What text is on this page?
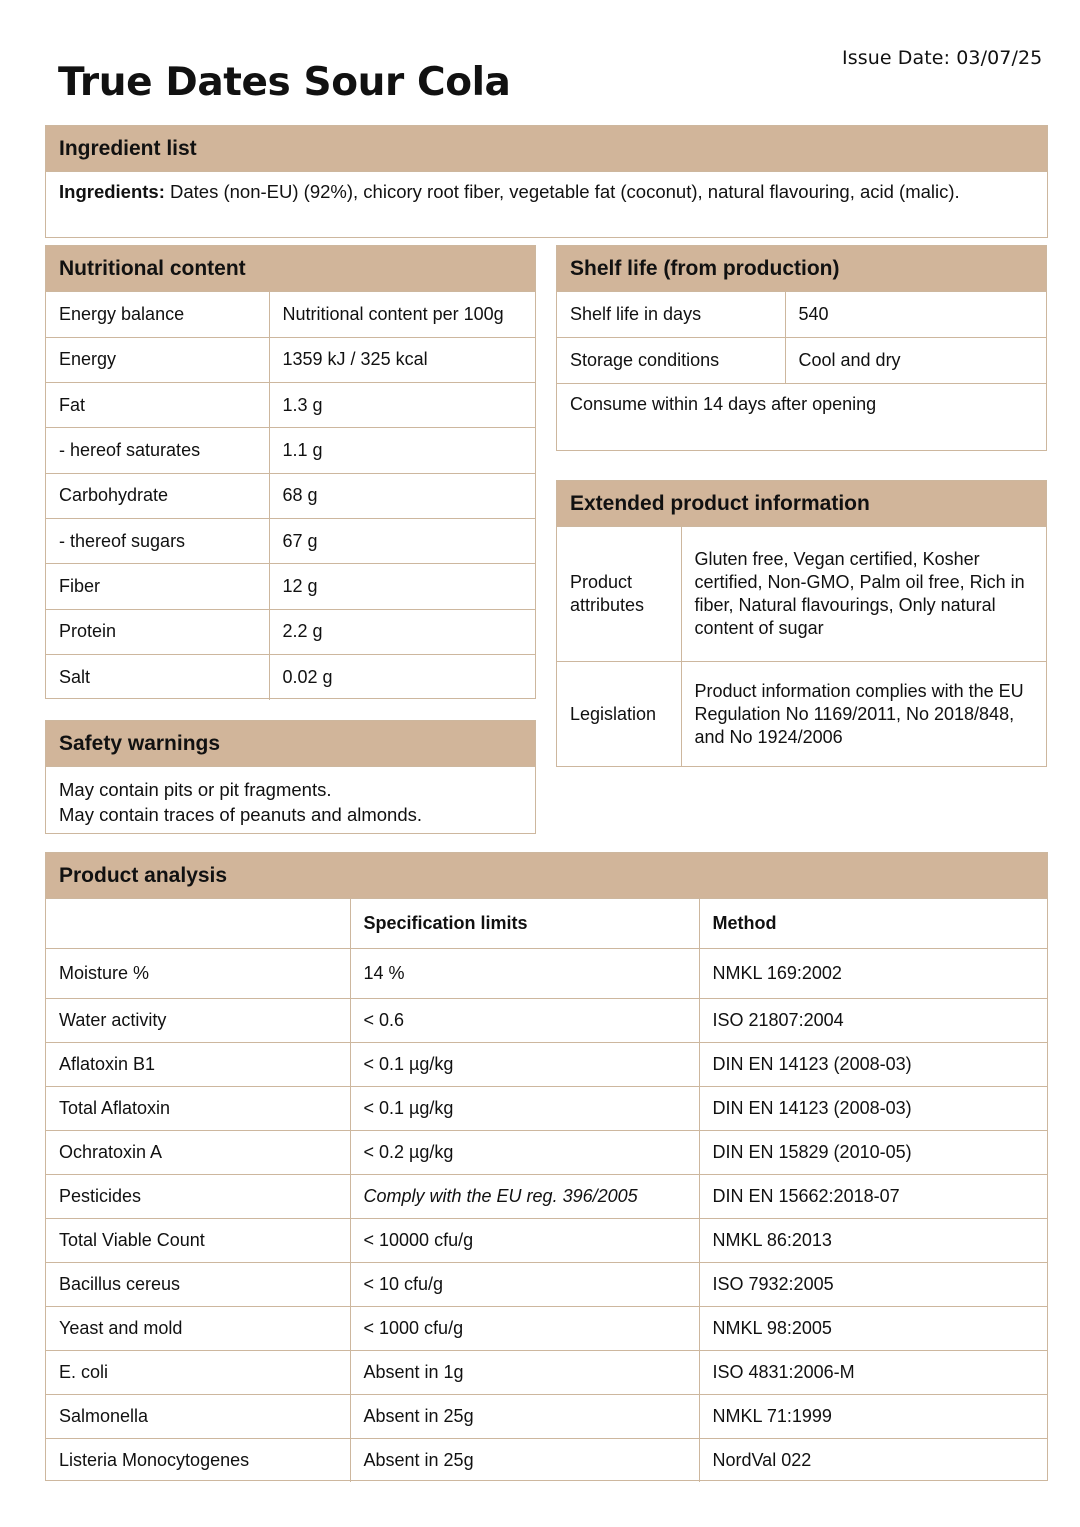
Issue Date: 03/07/25
True Dates Sour Cola
Ingredient list
Ingredients: Dates (non-EU) (92%), chicory root fiber, vegetable fat (coconut), natural flavouring, acid (malic).
Nutritional content
Energy balance	Nutritional content per 100g
Energy	1359 kJ / 325 kcal
Fat	1.3 g
- hereof saturates	1.1 g
Carbohydrate	68 g
- thereof sugars	67 g
Fiber	12 g
Protein	2.2 g
Salt	0.02 g
Safety warnings
May contain pits or pit fragments.
May contain traces of peanuts and almonds.
Shelf life (from production)
Shelf life in days	540
Storage conditions	Cool and dry
Consume within 14 days after opening
Extended product information
Product attributes	Gluten free, Vegan certified, Kosher certified, Non-GMO, Palm oil free, Rich in fiber, Natural flavourings, Only natural content of sugar
Legislation	Product information complies with the EU Regulation No 1169/2011, No 2018/848, and No 1924/2006
Product analysis
	Specification limits	Method
Moisture %	14 %	NMKL 169:2002
Water activity	< 0.6	ISO 21807:2004
Aflatoxin B1	< 0.1 µg/kg	DIN EN 14123 (2008-03)
Total Aflatoxin	< 0.1 µg/kg	DIN EN 14123 (2008-03)
Ochratoxin A	< 0.2 µg/kg	DIN EN 15829 (2010-05)
Pesticides	Comply with the EU reg. 396/2005	DIN EN 15662:2018-07
Total Viable Count	< 10000 cfu/g	NMKL 86:2013
Bacillus cereus	< 10 cfu/g	ISO 7932:2005
Yeast and mold	< 1000 cfu/g	NMKL 98:2005
E. coli	Absent in 1g	ISO 4831:2006-M
Salmonella	Absent in 25g	NMKL 71:1999
Listeria Monocytogenes	Absent in 25g	NordVal 022
